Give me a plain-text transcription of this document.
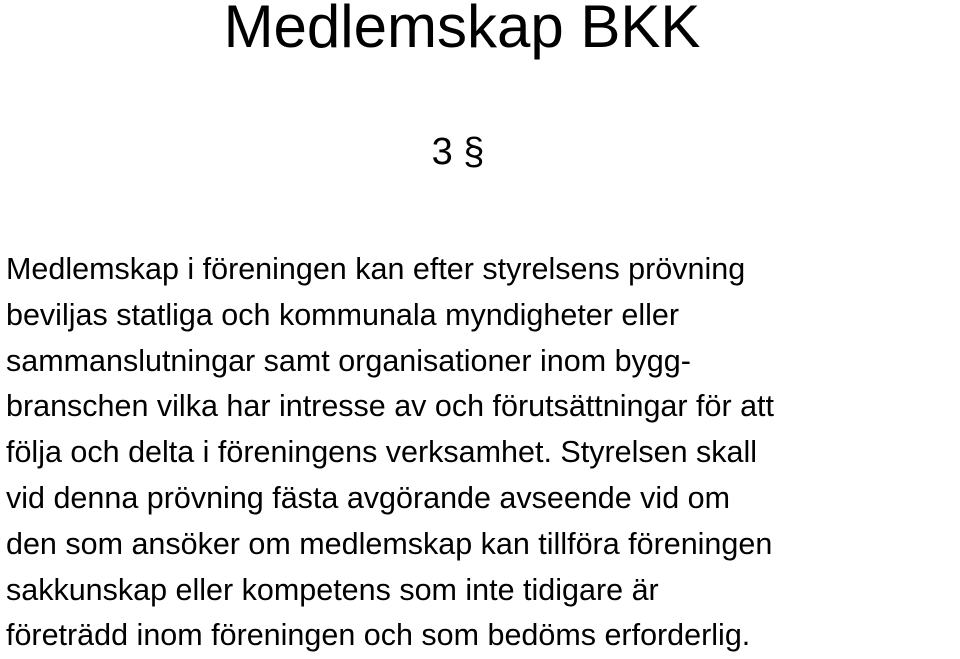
Medlemskap BKK
3 §

Medlemskap i föreningen kan efter styrelsens prövning
beviljas statliga och kommunala myndigheter eller
sammanslutningar samt organisationer inom bygg-
branschen vilka har intresse av och förutsättningar för att
följa och delta i föreningens verksamhet. Styrelsen skall
vid denna prövning fästa avgörande avseende vid om
den som ansöker om medlemskap kan tillföra föreningen
sakkunskap eller kompetens som inte tidigare är
företrädd inom föreningen och som bedöms erforderlig.
